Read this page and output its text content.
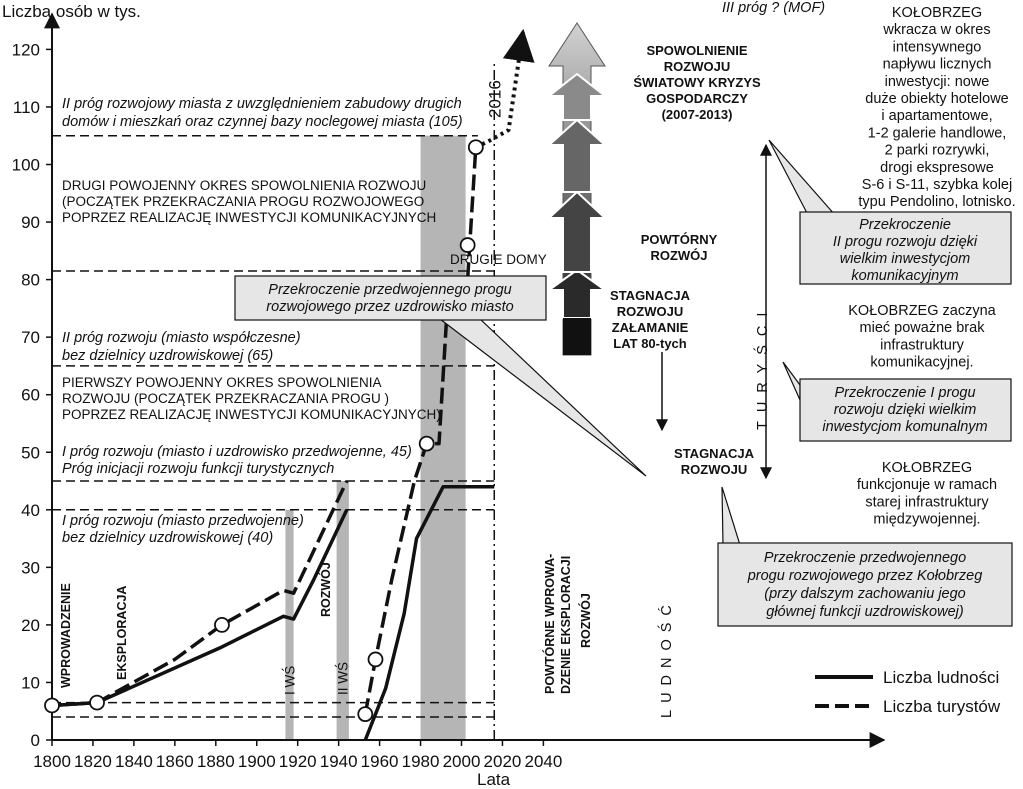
I WŚ	II WŚ
1800 1820 1840 1860 1880 1900 1920 1940 1960 1980 2000 2020 2040
0
10
20
30
40
50
60
70
80
90
100
110
120
2016
Liczba osób w tys.
Lata
II próg rozwojowy miasta z uwzględnieniem zabudowy drugich
domów i mieszkań oraz czynnej bazy noclegowej miasta (105)
DRUGI POWOJENNY OKRES SPOWOLNIENIA ROZWOJU
(POCZĄTEK PRZEKRACZANIA PROGU ROZWOJOWEGO
POPRZEZ REALIZACJĘ INWESTYCJI KOMUNIKACYJNYCH
DRUGIE DOMY
II próg rozwoju (miasto współczesne)
bez dzielnicy uzdrowiskowej (65)
PIERWSZY POWOJENNY OKRES SPOWOLNIENIA
ROZWOJU (POCZĄTEK PRZEKRACZANIA PROGU )
POPRZEZ REALIZACJĘ INWESTYCJI KOMUNIKACYJNYCH)
I próg rozwoju (miasto i uzdrowisko przedwojenne, 45)
Próg inicjacji rozwoju funkcji turystycznych
I próg rozwoju (miasto przedwojenne)
bez dzielnicy uzdrowiskowej (40)
III próg ? (MOF)
WPROWADZENIE	EKSPLORACJA	ROZWÓJ	POWTÓRNE WPROWA- DZENIE EKSPLORACJI ROZWÓJ
SPOWOLNIENIE
ROZWOJU
ŚWIATOWY KRYZYS
GOSPODARCZY
(2007-2013)
POWTÓRNY
ROZWÓJ
STAGNACJA
ROZWOJU
ZAŁAMANIE
LAT 80-tych
STAGNACJA
ROZWOJU
TURYŚCI
LUDNOŚĆ
KOŁOBRZEG
wkracza w okres
intensywnego
napływu licznych
inwestycji: nowe
duże obiekty hotelowe
i apartamentowe,
1-2 galerie handlowe,
2 parki rozrywki,
drogi ekspresowe
S-6 i S-11, szybka kolej
typu Pendolino, lotnisko.
KOŁOBRZEG zaczyna
mieć poważne brak
infrastruktury
komunikacyjnej.
KOŁOBRZEG
funkcjonuje w ramach
starej infrastruktury
międzywojennej.
Przekroczenie przedwojennego progu
rozwojowego przez uzdrowisko miasto
Przekroczenie
II progu rozwoju dzięki
wielkim inwestycjom
komunikacyjnym
Przekroczenie I progu
rozwoju dzięki wielkim
inwestycjom komunalnym
Przekroczenie przedwojennego
progu rozwojowego przez Kołobrzeg
(przy dalszym zachowaniu jego
głównej funkcji uzdrowiskowej)
Liczba ludności
Liczba turystów
